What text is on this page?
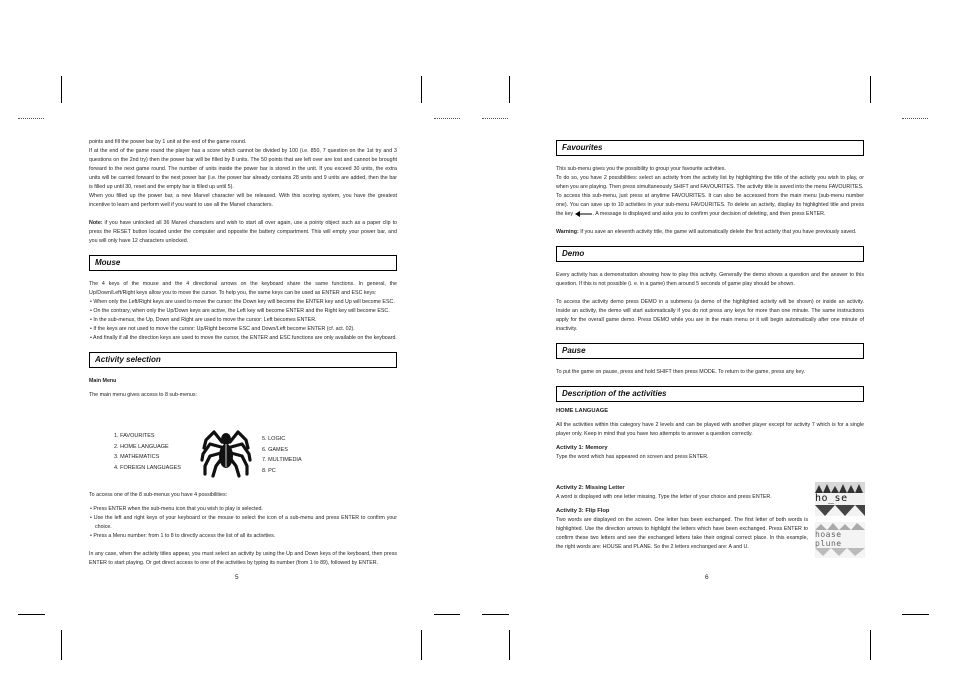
points and fill the power bar by 1 unit at the end of the game round.

If at the end of the game round the player has a score which cannot be divided by 100 (i.e. 850, 7 question on the 1st try and 3 questions on the 2nd try) then the power bar will be filled by 8 units. The 50 points that are left over are lost and cannot be brought forward to the next game round. The number of units inside the power bar is stored in the unit. If you exceed 30 units, the extra units will be carried forward to the next power bar (i.e. the power bar already contains 28 units and 9 units are added, then the bar is filled up until 30, reset and the empty bar is filled up until 5).

When you filled up the power bar, a new Marvel character will be released. With this scoring system, you have the greatest incentive to learn and perform well if you want to use all the Marvel characters.

Note: if you have unlocked all 36 Marvel characters and wish to start all over again, use a pointy object such as a paper clip to press the RESET button located under the computer and opposite the battery compartment. This will empty your power bar, and you will only have 12 characters unlocked.

Mouse

The 4 keys of the mouse and the 4 directional arrows on the keyboard share the same functions. In general, the Up/Down/Left/Right keys allow you to move the cursor. To help you, the same keys can be used as ENTER and ESC keys:

• When only the Left/Right keys are used to move the cursor: the Down key will become the ENTER key and Up will become ESC.

• On the contrary, when only the Up/Down keys are active, the Left key will become ENTER and the Right key will become ESC.

• In the sub-menus, the Up, Down and Right are used to move the cursor: Left becomes ENTER.

• If the keys are not used to move the cursor: Up/Right become ESC and Down/Left become ENTER (cf. act. 02).

• And finally if all the direction keys are used to move the cursor, the ENTER and ESC functions are only available on the keyboard.

Activity selection

Main Menu

The main menu gives access to 8 sub-menus:

1. FAVOURITES
2. HOME LANGUAGE
3. MATHEMATICS
4. FOREIGN LANGUAGES
5. LOGIC
6. GAMES
7. MULTIMEDIA
8. PC

To access one of the 8 sub-menus you have 4 possibilities:

• Press ENTER when the sub-menu icon that you wish to play is selected.

• Use the left and right keys of your keyboard or the mouse to select the icon of a sub-menu and press ENTER to confirm your choice.

• Press a Menu number: from 1 to 8 to directly access the list of all its activities.

In any case, when the activity titles appear, you must select an activity by using the Up and Down keys of the keyboard, then press ENTER to start playing. Or get direct access to one of the activities by typing its number (from 1 to 89), followed by ENTER.

5
Favourites

This sub-menu gives you the possibility to group your favourite activities.

To do so, you have 2 possibilities: select an activity from the activity list by highlighting the title of the activity you wish to play, or when you are playing. Then press simultaneously SHIFT and FAVOURITES. The activity title is saved into the menu FAVOURITES.

To access this sub-menu, just press at anytime FAVOURITES. It can also be accessed from the main menu (sub-menu number one). You can save up to 10 activities in your sub-menu FAVOURITES. To delete an activity, display its highlighted title and press the key	. A message is displayed and asks you to confirm your decision of deleting, and then press ENTER.

Warning: If you save an eleventh activity title, the game will automatically delete the first activity that you have previously saved.

Demo

Every activity has a demonstration showing how to play this activity. Generally the demo shows a question and the answer to this question. If this is not possible (i. e. in a game) then around 5 seconds of game play should be shown.

To access the activity demo press DEMO in a submenu (a demo of the highlighted activity will be shown) or inside an activity. Inside an activity, the demo will start automatically if you do not press any keys for more than one minute. The same instructions apply for the overall game demo. Press DEMO while you are in the main menu or it will begin automatically after one minute of inactivity.

Pause

To put the game on pause, press and hold SHIFT then press MODE. To return to the game, press any key.

Description of the activities

HOME LANGUAGE

All the activities within this category have 2 levels and can be played with another player except for activity 7 which is for a single player only. Keep in mind that you have two attempts to answer a question correctly.

Activity 1: Memory

Type the word which has appeared on screen and press ENTER.

Activity 2: Missing Letter

A word is displayed with one letter missing. Type the letter of your choice and press ENTER.

Activity 3: Flip Flop

Two words are displayed on the screen. One letter has been exchanged. The first letter of both words is highlighted. Use the direction arrows to highlight the letters which have been exchanged. Press ENTER to confirm these two letters and see the exchanged letters take their original correct place. In this example, the right words are: HOUSE and PLANE. So the 2 letters exchanged are: A and U.

ho_se
hoase
plune
6
